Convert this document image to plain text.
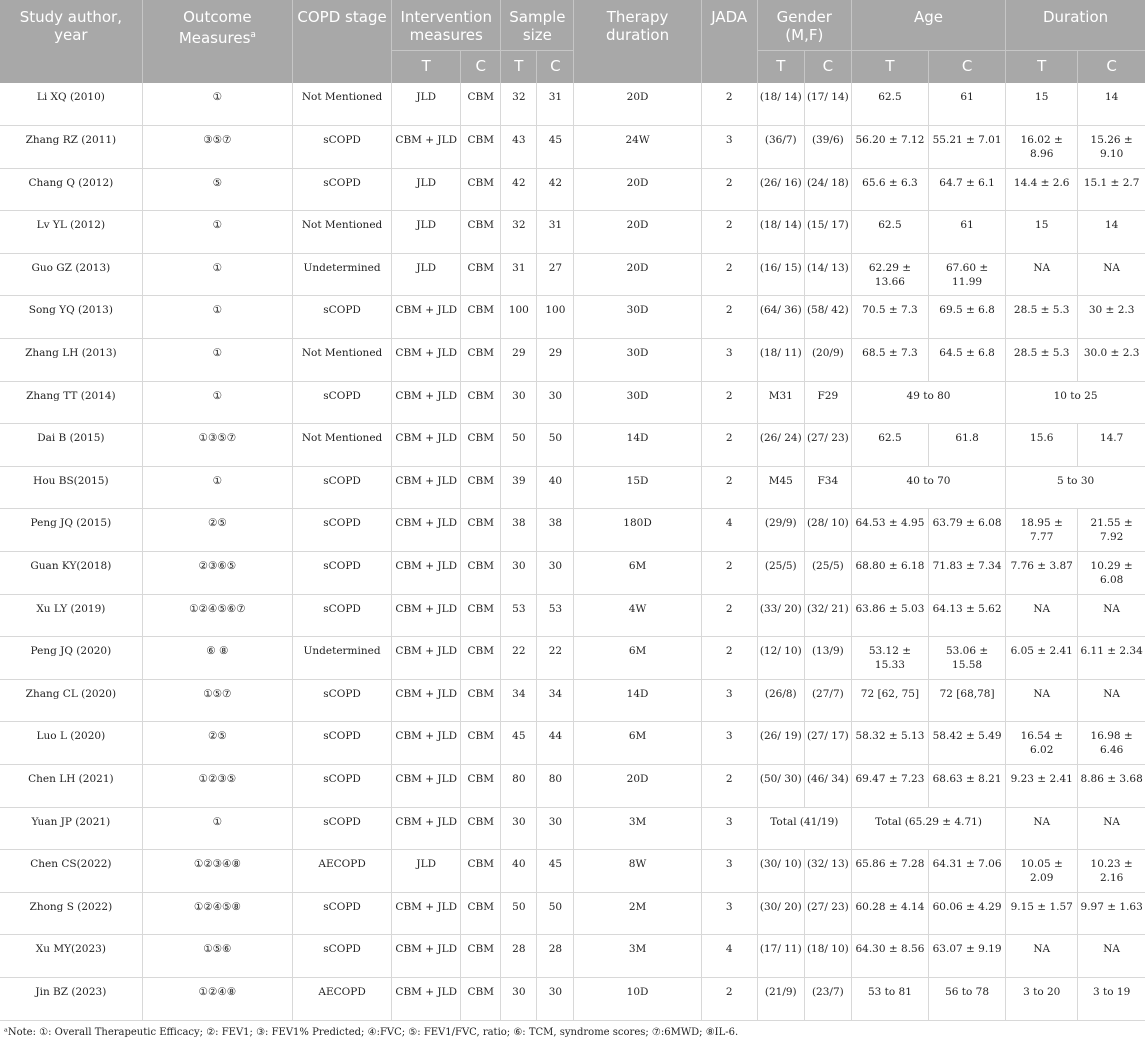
Study author, year	Outcome Measures$^a$	COPD stage	Intervention measures		Sample size		Therapy duration	JADA	Gender (M,F)		Age		Duration	
			T	C	T	C			T	C	T	C	T	C
Li XQ (2010)	①	Not Mentioned	JLD	CBM	32	31	20D	2	(18/ 14)	(17/ 14)	62.5	61	15	14
Zhang RZ (2011)	③⑤⑦	sCOPD	CBM + JLD	CBM	43	45	24W	3	(36/7)	(39/6)	56.20 ± 7.12	55.21 ± 7.01	16.02 ± 8.96	15.26 ± 9.10
Chang Q (2012)	⑤	sCOPD	JLD	CBM	42	42	20D	2	(26/ 16)	(24/ 18)	65.6 ± 6.3	64.7 ± 6.1	14.4 ± 2.6	15.1 ± 2.7
Lv YL (2012)	①	Not Mentioned	JLD	CBM	32	31	20D	2	(18/ 14)	(15/ 17)	62.5	61	15	14
Guo GZ (2013)	①	Undetermined	JLD	CBM	31	27	20D	2	(16/ 15)	(14/ 13)	62.29 ± 13.66	67.60 ± 11.99	NA	NA
Song YQ (2013)	①	sCOPD	CBM + JLD	CBM	100	100	30D	2	(64/ 36)	(58/ 42)	70.5 ± 7.3	69.5 ± 6.8	28.5 ± 5.3	30 ± 2.3
Zhang LH (2013)	①	Not Mentioned	CBM + JLD	CBM	29	29	30D	3	(18/ 11)	(20/9)	68.5 ± 7.3	64.5 ± 6.8	28.5 ± 5.3	30.0 ± 2.3
Zhang TT (2014)	①	sCOPD	CBM + JLD	CBM	30	30	30D	2	M31	F29	49 to 80		10 to 25	
Dai B (2015)	①③⑤⑦	Not Mentioned	CBM + JLD	CBM	50	50	14D	2	(26/ 24)	(27/ 23)	62.5	61.8	15.6	14.7
Hou BS(2015)	①	sCOPD	CBM + JLD	CBM	39	40	15D	2	M45	F34	40 to 70		5 to 30	
Peng JQ (2015)	②⑤	sCOPD	CBM + JLD	CBM	38	38	180D	4	(29/9)	(28/ 10)	64.53 ± 4.95	63.79 ± 6.08	18.95 ± 7.77	21.55 ± 7.92
Guan KY(2018)	②③⑥⑤	sCOPD	CBM + JLD	CBM	30	30	6M	2	(25/5)	(25/5)	68.80 ± 6.18	71.83 ± 7.34	7.76 ± 3.87	10.29 ± 6.08
Xu LY (2019)	①②④⑤⑥⑦	sCOPD	CBM + JLD	CBM	53	53	4W	2	(33/ 20)	(32/ 21)	63.86 ± 5.03	64.13 ± 5.62	NA	NA
Peng JQ (2020)	⑥ ⑧	Undetermined	CBM + JLD	CBM	22	22	6M	2	(12/ 10)	(13/9)	53.12 ± 15.33	53.06 ± 15.58	6.05 ± 2.41	6.11 ± 2.34
Zhang CL (2020)	①⑤⑦	sCOPD	CBM + JLD	CBM	34	34	14D	3	(26/8)	(27/7)	72 [62, 75]	72 [68,78]	NA	NA
Luo L (2020)	②⑤	sCOPD	CBM + JLD	CBM	45	44	6M	3	(26/ 19)	(27/ 17)	58.32 ± 5.13	58.42 ± 5.49	16.54 ± 6.02	16.98 ± 6.46
Chen LH (2021)	①②③⑤	sCOPD	CBM + JLD	CBM	80	80	20D	2	(50/ 30)	(46/ 34)	69.47 ± 7.23	68.63 ± 8.21	9.23 ± 2.41	8.86 ± 3.68
Yuan JP (2021)	①	sCOPD	CBM + JLD	CBM	30	30	3M	3	Total (41/19)		Total (65.29 ± 4.71)		NA	NA
Chen CS(2022)	①②③④⑧	AECOPD	JLD	CBM	40	45	8W	3	(30/ 10)	(32/ 13)	65.86 ± 7.28	64.31 ± 7.06	10.05 ± 2.09	10.23 ± 2.16
Zhong S (2022)	①②④⑤⑧	sCOPD	CBM + JLD	CBM	50	50	2M	3	(30/ 20)	(27/ 23)	60.28 ± 4.14	60.06 ± 4.29	9.15 ± 1.57	9.97 ± 1.63
Xu MY(2023)	①⑤⑥	sCOPD	CBM + JLD	CBM	28	28	3M	4	(17/ 11)	(18/ 10)	64.30 ± 8.56	63.07 ± 9.19	NA	NA
Jin BZ (2023)	①②④⑧	AECOPD	CBM + JLD	CBM	30	30	10D	2	(21/9)	(23/7)	53 to 81	56 to 78	3 to 20	3 to 19
ᵃNote: ①: Overall Therapeutic Efficacy; ②: FEV1; ③: FEV1% Predicted; ④:FVC; ⑤: FEV1/FVC, ratio; ⑥: TCM, syndrome scores; ⑦:6MWD; ⑧IL-6.
